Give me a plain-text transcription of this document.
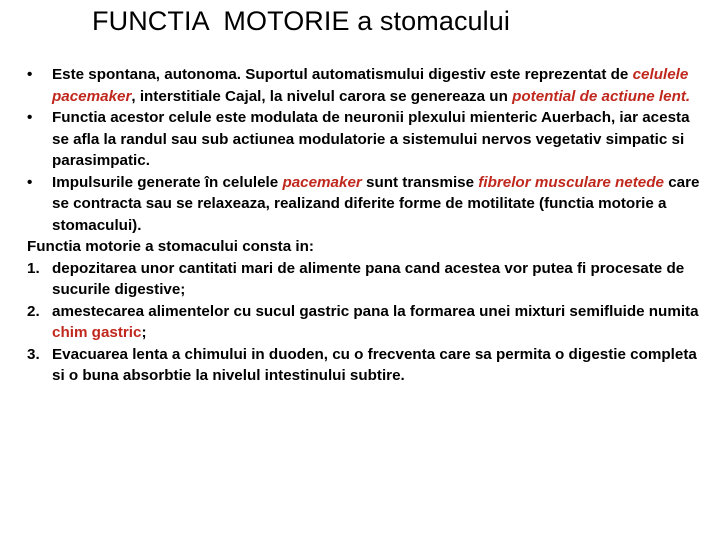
FUNCTIA  MOTORIE a stomacului
•	Este spontana, autonoma. Suportul automatismului digestiv este reprezentat de celulele pacemaker, interstitiale Cajal, la nivelul carora se genereaza un potential de actiune lent.
•	Functia acestor celule este modulata de neuronii plexului mienteric Auerbach, iar acesta se afla la randul sau sub actiunea modulatorie a sistemului nervos vegetativ simpatic si parasimpatic.
•	Impulsurile generate în celulele pacemaker sunt transmise fibrelor musculare netede care se contracta sau se relaxeaza, realizand diferite forme de motilitate (functia motorie a stomacului).
Functia motorie a stomacului consta in:
1. depozitarea unor cantitati mari de alimente pana cand acestea vor putea fi procesate de sucurile digestive;
2. amestecarea alimentelor cu sucul gastric pana la formarea unei mixturi semifluide numita chim gastric;
3. Evacuarea lenta a chimului in duoden, cu o frecventa care sa permita o digestie completa si o buna absorbtie la nivelul intestinului subtire.
